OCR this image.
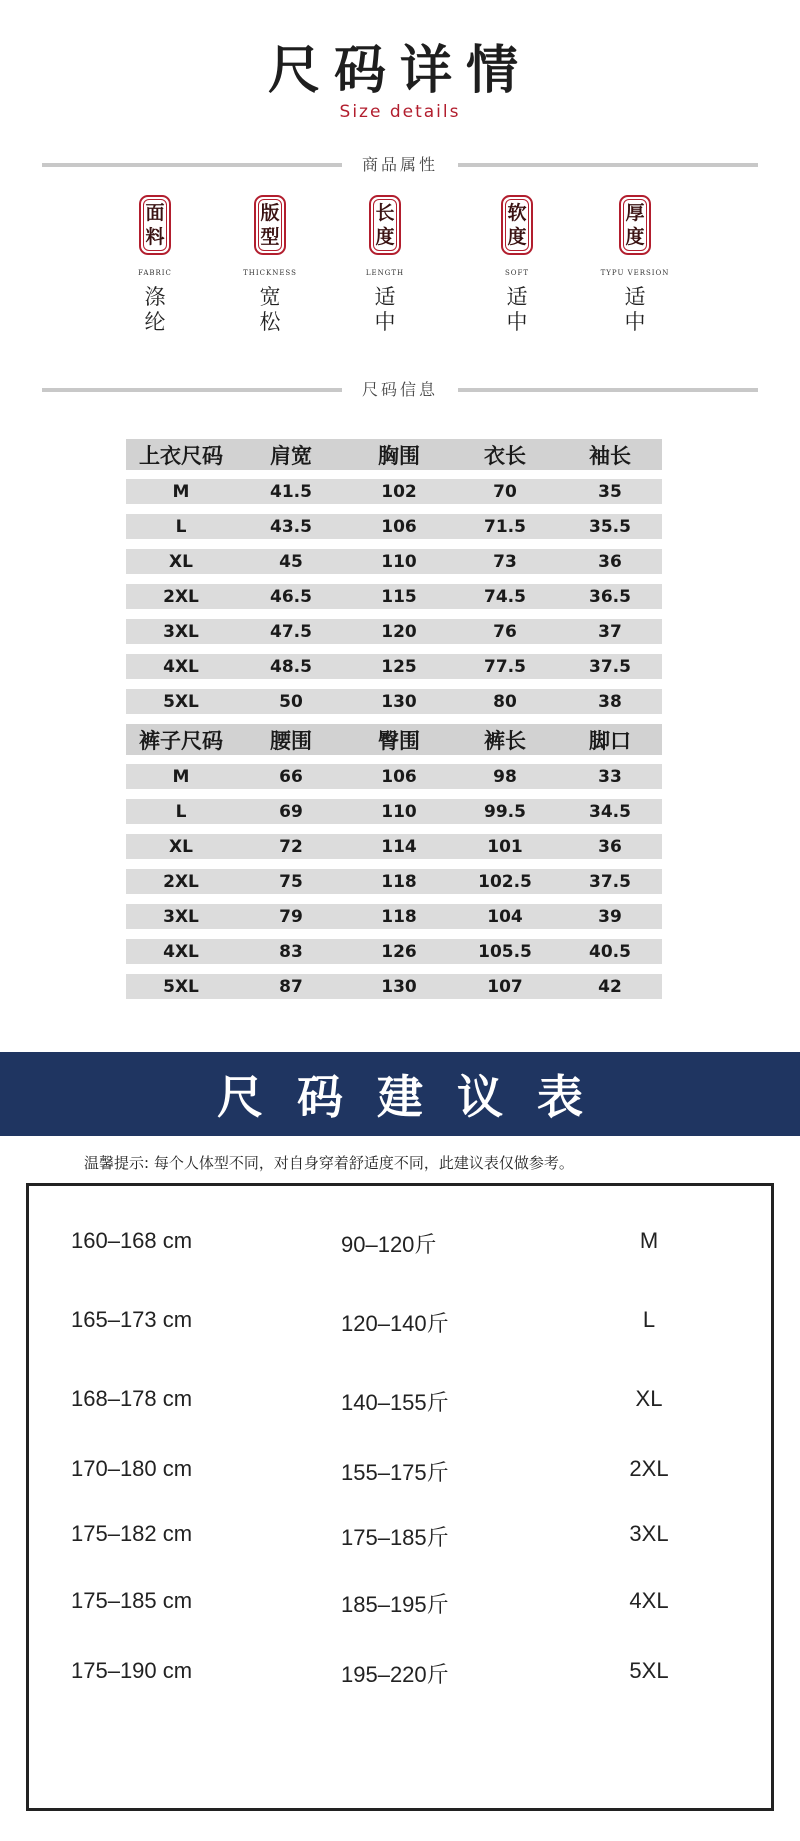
尺码详情
Size details
商品属性
面
料
FABRIC
涤
纶
版
型
THICKNESS
宽
松
长
度
LENGTH
适
中
软
度
SOFT
适
中
厚
度
TYPU VERSION
适
中
尺码信息
上衣尺码	肩宽	胸围	衣长	袖长
M	41.5	102	70	35
L	43.5	106	71.5	35.5
XL	45	110	73	36
2XL	46.5	115	74.5	36.5
3XL	47.5	120	76	37
4XL	48.5	125	77.5	37.5
5XL	50	130	80	38
裤子尺码	腰围	臀围	裤长	脚口
M	66	106	98	33
L	69	110	99.5	34.5
XL	72	114	101	36
2XL	75	118	102.5	37.5
3XL	79	118	104	39
4XL	83	126	105.5	40.5
5XL	87	130	107	42
尺码建议表
温馨提示: 每个人体型不同，对自身穿着舒适度不同，此建议表仅做参考。
160–168 cm	90–120斤	M
165–173 cm	120–140斤	L
168–178 cm	140–155斤	XL
170–180 cm	155–175斤	2XL
175–182 cm	175–185斤	3XL
175–185 cm	185–195斤	4XL
175–190 cm	195–220斤	5XL
